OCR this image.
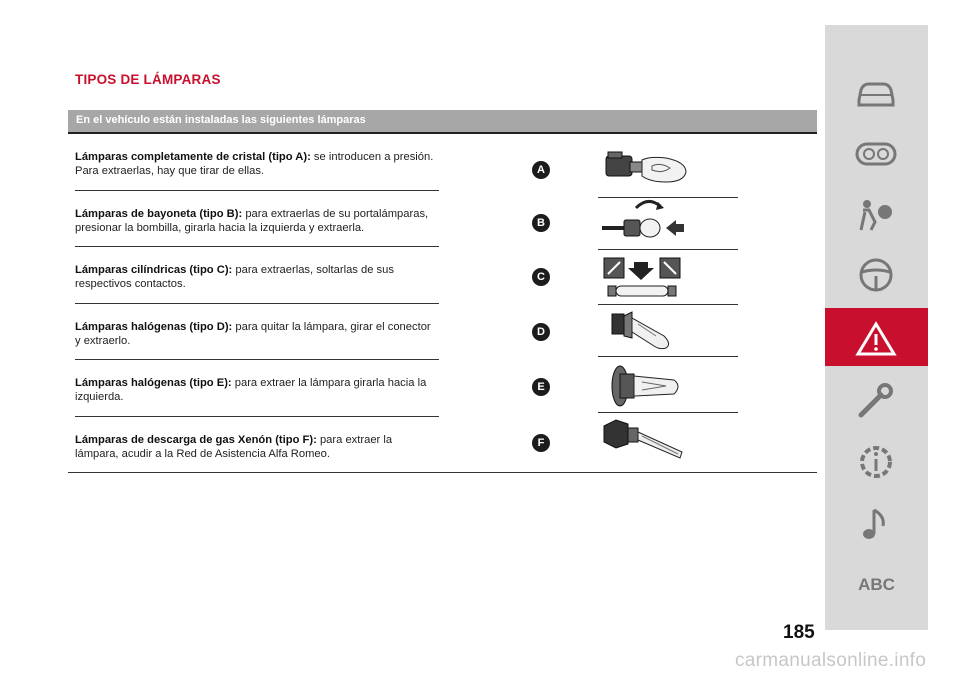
TIPOS DE LÁMPARAS
En el vehículo están instaladas las siguientes lámparas
Lámparas completamente de cristal (tipo A): se introducen a presión. Para extraerlas, hay que tirar de ellas.
Lámparas de bayoneta (tipo B): para extraerlas de su portalámparas, presionar la bombilla, girarla hacia la izquierda y extraerla.
Lámparas cilíndricas (tipo C): para extraerlas, soltarlas de sus respectivos contactos.
Lámparas halógenas (tipo D): para quitar la lámpara, girar el conector y extraerlo.
Lámparas halógenas (tipo E): para extraer la lámpara girarla hacia la izquierda.
Lámparas de descarga de gas Xenón (tipo F): para extraer la lámpara, acudir a la Red de Asistencia Alfa Romeo.
A
B
C
D
E
F
ABC
185
carmanualsonline.info
